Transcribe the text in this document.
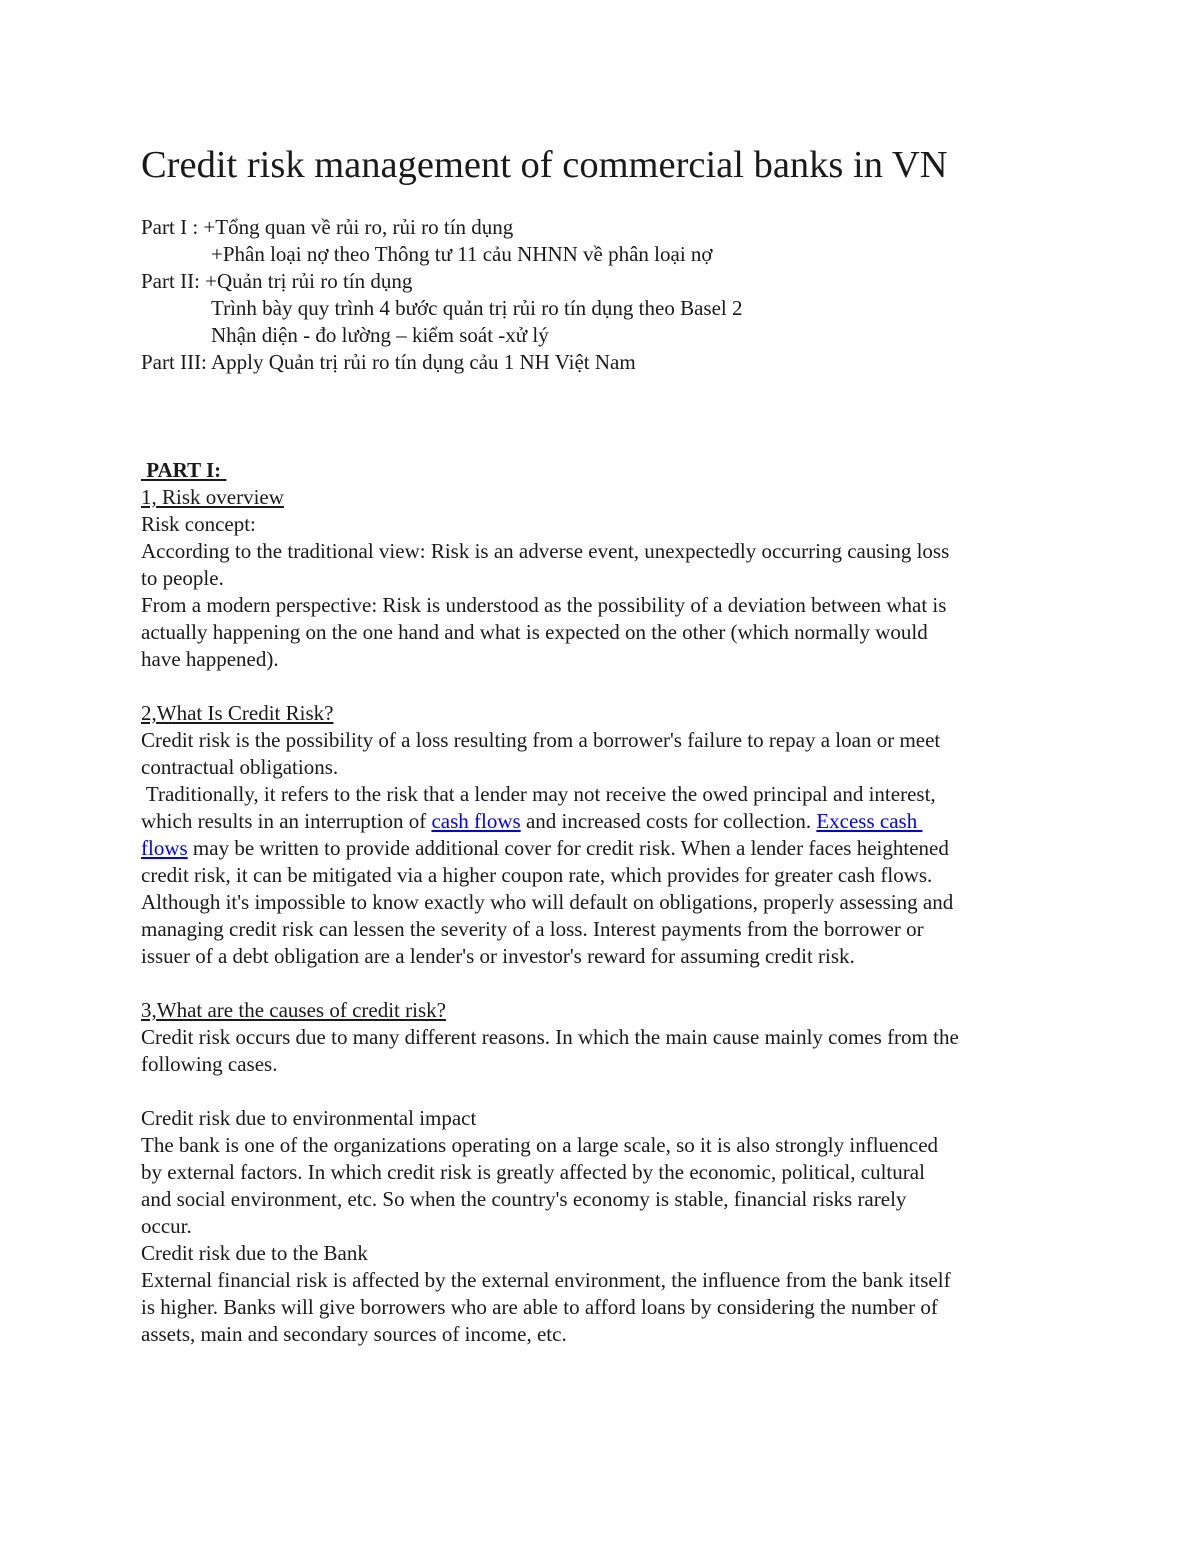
Credit risk management of commercial banks in VN
Part I : +Tổng quan về rủi ro, rủi ro tín dụng
+Phân loại nợ theo Thông tư 11 cảu NHNN về phân loại nợ
Part II: +Quản trị rủi ro tín dụng
Trình bày quy trình 4 bước quản trị rủi ro tín dụng theo Basel 2
Nhận diện - đo lường – kiểm soát -xử lý
Part III: Apply Quản trị rủi ro tín dụng cảu 1 NH Việt Nam
PART I:
1, Risk overview
Risk concept:
According to the traditional view: Risk is an adverse event, unexpectedly occurring causing loss
to people.
From a modern perspective: Risk is understood as the possibility of a deviation between what is
actually happening on the one hand and what is expected on the other (which normally would
have happened).
2,What Is Credit Risk?
Credit risk is the possibility of a loss resulting from a borrower's failure to repay a loan or meet
contractual obligations.
Traditionally, it refers to the risk that a lender may not receive the owed principal and interest,
which results in an interruption of cash flows and increased costs for collection. Excess cash
flows may be written to provide additional cover for credit risk. When a lender faces heightened
credit risk, it can be mitigated via a higher coupon rate, which provides for greater cash flows.
Although it's impossible to know exactly who will default on obligations, properly assessing and
managing credit risk can lessen the severity of a loss. Interest payments from the borrower or
issuer of a debt obligation are a lender's or investor's reward for assuming credit risk.
3,What are the causes of credit risk?
Credit risk occurs due to many different reasons. In which the main cause mainly comes from the
following cases.
Credit risk due to environmental impact
The bank is one of the organizations operating on a large scale, so it is also strongly influenced
by external factors. In which credit risk is greatly affected by the economic, political, cultural
and social environment, etc. So when the country's economy is stable, financial risks rarely
occur.
Credit risk due to the Bank
External financial risk is affected by the external environment, the influence from the bank itself
is higher. Banks will give borrowers who are able to afford loans by considering the number of
assets, main and secondary sources of income, etc.
